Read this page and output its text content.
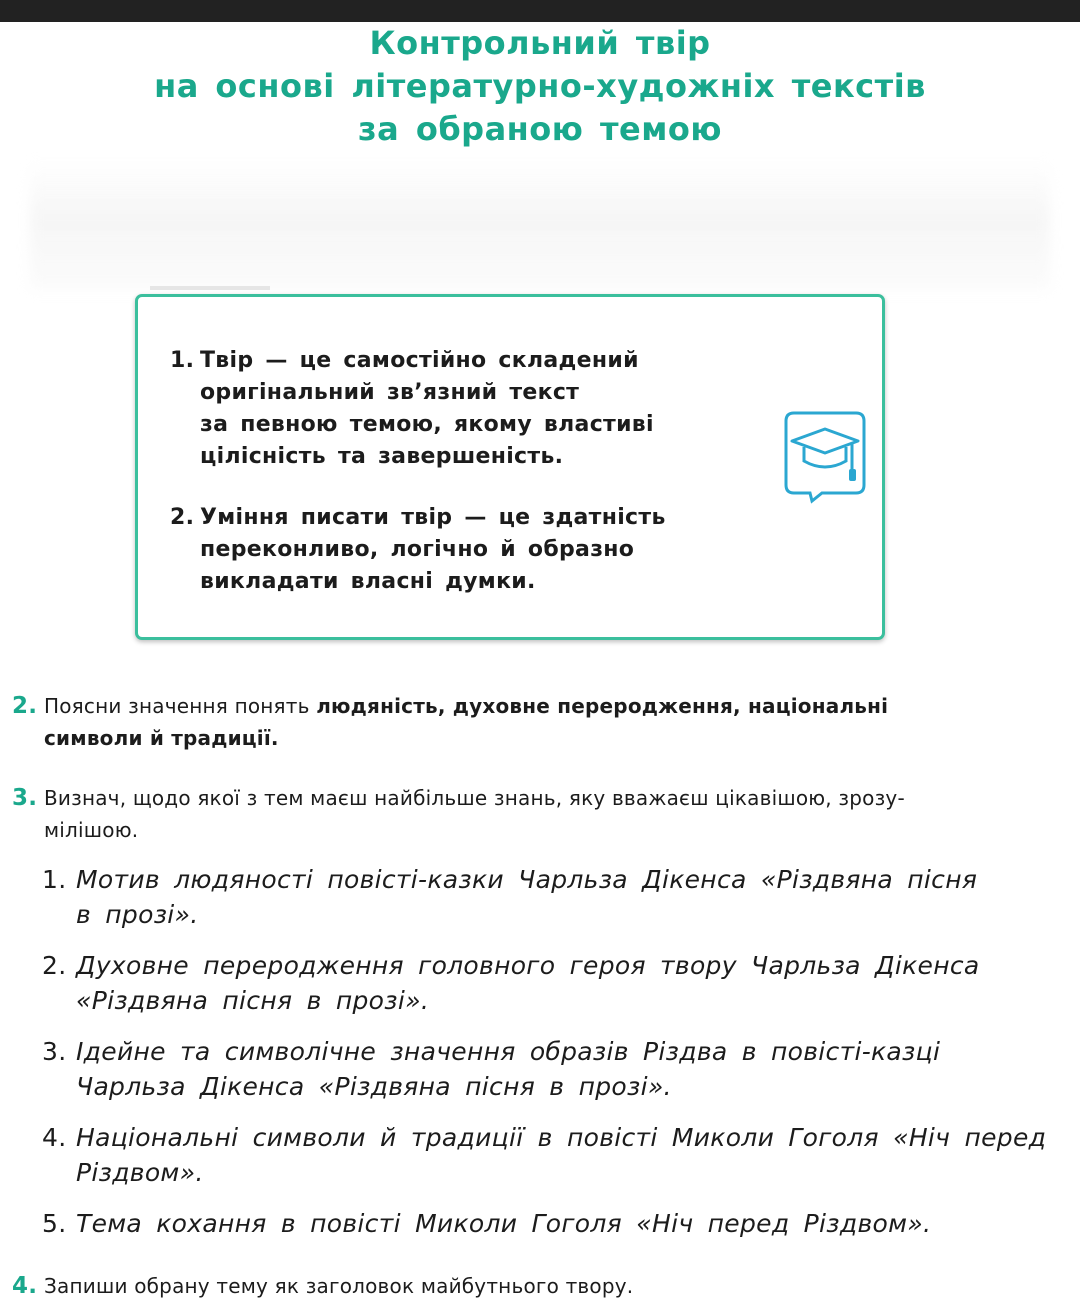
Контрольний твір
на основі літературно-художніх текстів
за обраною темою
1. Твір — це самостійно складений
оригінальний зв’язний текст
за певною темою, якому властиві
цілісність та завершеність.
2. Уміння писати твір — це здатність
переконливо, логічно й образно
викладати власні думки.
2. Поясни значення понять людяність, духовне переродження, національні
символи й традиції.
3. Визнач, щодо якої з тем маєш найбільше знань, яку вважаєш цікавішою, зрозу-
мілішою.
1. Мотив людяності повісті-казки Чарльза Дікенса «Різдвяна пісня
в прозі».
2. Духовне переродження головного героя твору Чарльза Дікенса
«Різдвяна пісня в прозі».
3. Ідейне та символічне значення образів Різдва в повісті-казці
Чарльза Дікенса «Різдвяна пісня в прозі».
4. Національні символи й традиції в повісті Миколи Гоголя «Ніч перед
Різдвом».
5. Тема кохання в повісті Миколи Гоголя «Ніч перед Різдвом».
4. Запиши обрану тему як заголовок майбутнього твору.
